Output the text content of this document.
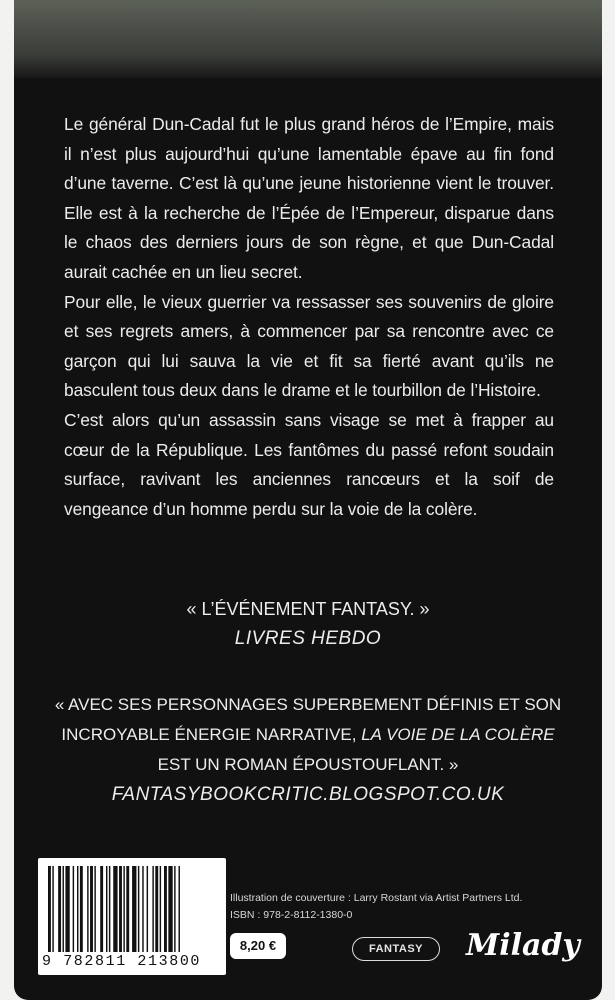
Le général Dun-Cadal fut le plus grand héros de l’Empire, mais il n’est plus aujourd’hui qu’une lamentable épave au fin fond d’une taverne. C’est là qu’une jeune historienne vient le trouver. Elle est à la recherche de l’Épée de l’Empereur, disparue dans le chaos des derniers jours de son règne, et que Dun-Cadal aurait cachée en un lieu secret.

Pour elle, le vieux guerrier va ressasser ses souvenirs de gloire et ses regrets amers, à commencer par sa rencontre avec ce garçon qui lui sauva la vie et fit sa fierté avant qu’ils ne basculent tous deux dans le drame et le tourbillon de l’Histoire.

C’est alors qu’un assassin sans visage se met à frapper au cœur de la République. Les fantômes du passé refont soudain surface, ravivant les anciennes rancœurs et la soif de vengeance d’un homme perdu sur la voie de la colère.

« L’ÉVÉNEMENT FANTASY. »
LIVRES HEBDO
« AVEC SES PERSONNAGES SUPERBEMENT DÉFINIS ET SON
INCROYABLE ÉNERGIE NARRATIVE, LA VOIE DE LA COLÈRE
EST UN ROMAN ÉPOUSTOUFLANT. »
FANTASYBOOKCRITIC.BLOGSPOT.CO.UK
9 782811 213800
Illustration de couverture : Larry Rostant via Artist Partners Ltd.
ISBN : 978-2-8112-1380-0
8,20 €	FANTASY	Milady
